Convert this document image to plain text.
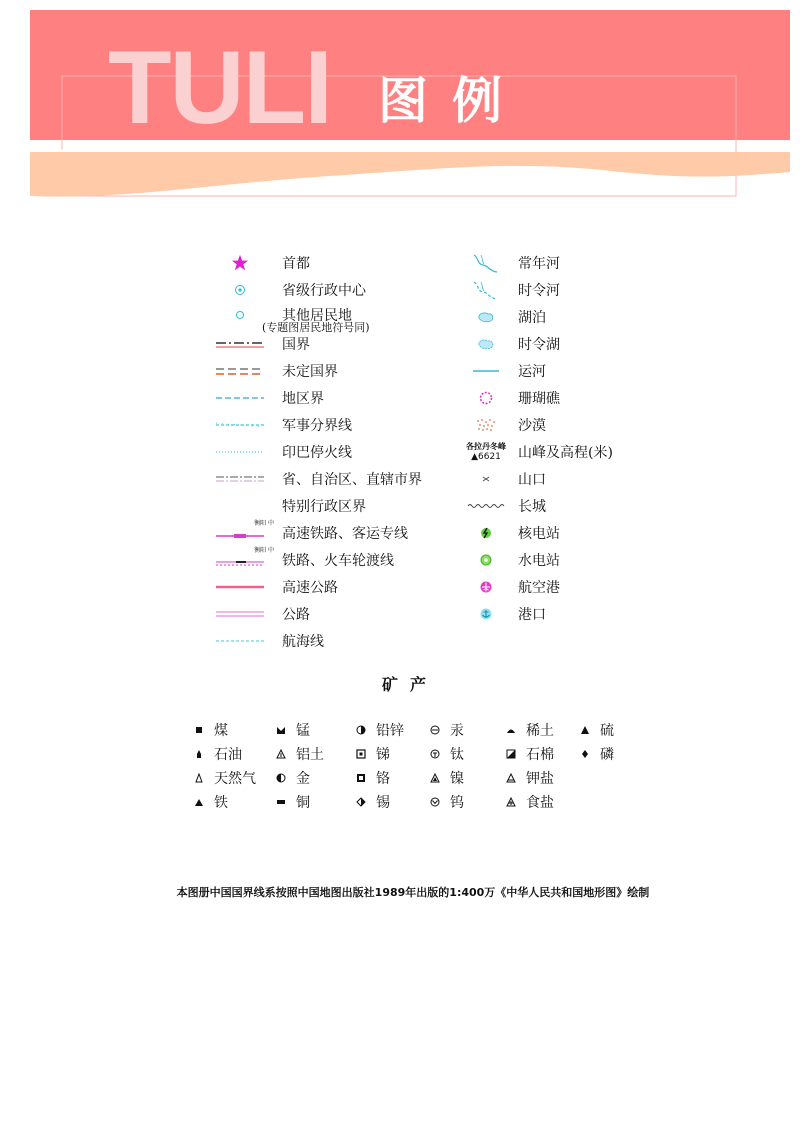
TULI 图例
首都
省级行政中心
其他居民地
(专题图居民地符号同)
国界
未定国界
地区界
军事分界线
印巴停火线
省、自治区、直辖市界
特别行政区界
衡阳 中
高速铁路、客运专线
衡阳 中
铁路、火车轮渡线
高速公路
公路
航海线
常年河
时令河
湖泊
时令湖
运河
珊瑚礁
沙漠
各拉丹冬峰
▲6621 山峰及高程(米)
山口
长城
核电站
水电站
航空港
港口
矿产
煤	锰	铅锌	汞	稀土	硫
石油	铝土	锑	钛	石棉	磷
天然气	金	铬	镍	钾盐
铁	铜	锡	钨	食盐
本图册中国国界线系按照中国地图出版社1989年出版的1:400万《中华人民共和国地形图》绘制
